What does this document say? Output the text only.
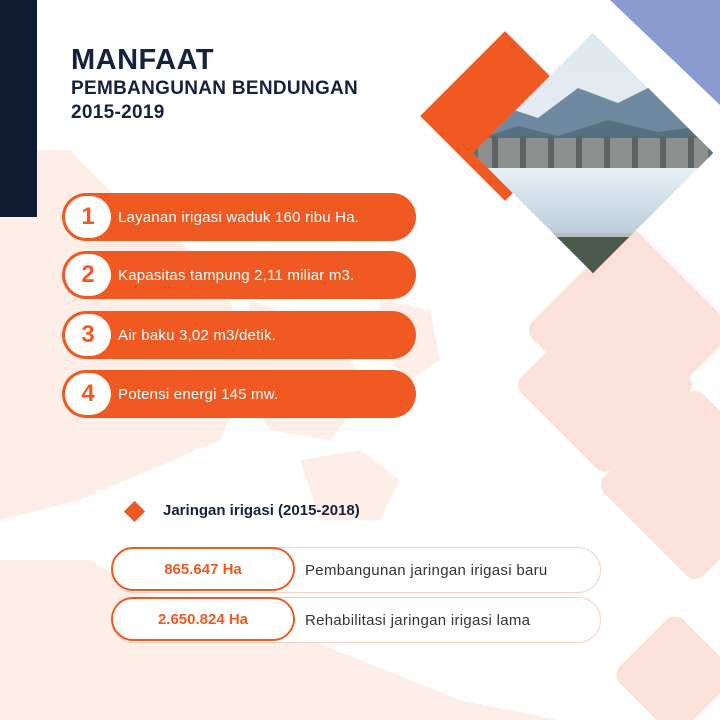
MANFAAT
PEMBANGUNAN BENDUNGAN
2015-2019
1	Layanan irigasi waduk 160 ribu Ha.
2	Kapasitas tampung 2,11 miliar m3.
3	Air baku 3,02 m3/detik.
4	Potensi energi 145 mw.
Jaringan irigasi (2015-2018)
865.647 Ha	Pembangunan jaringan irigasi baru
2.650.824 Ha	Rehabilitasi jaringan irigasi lama
